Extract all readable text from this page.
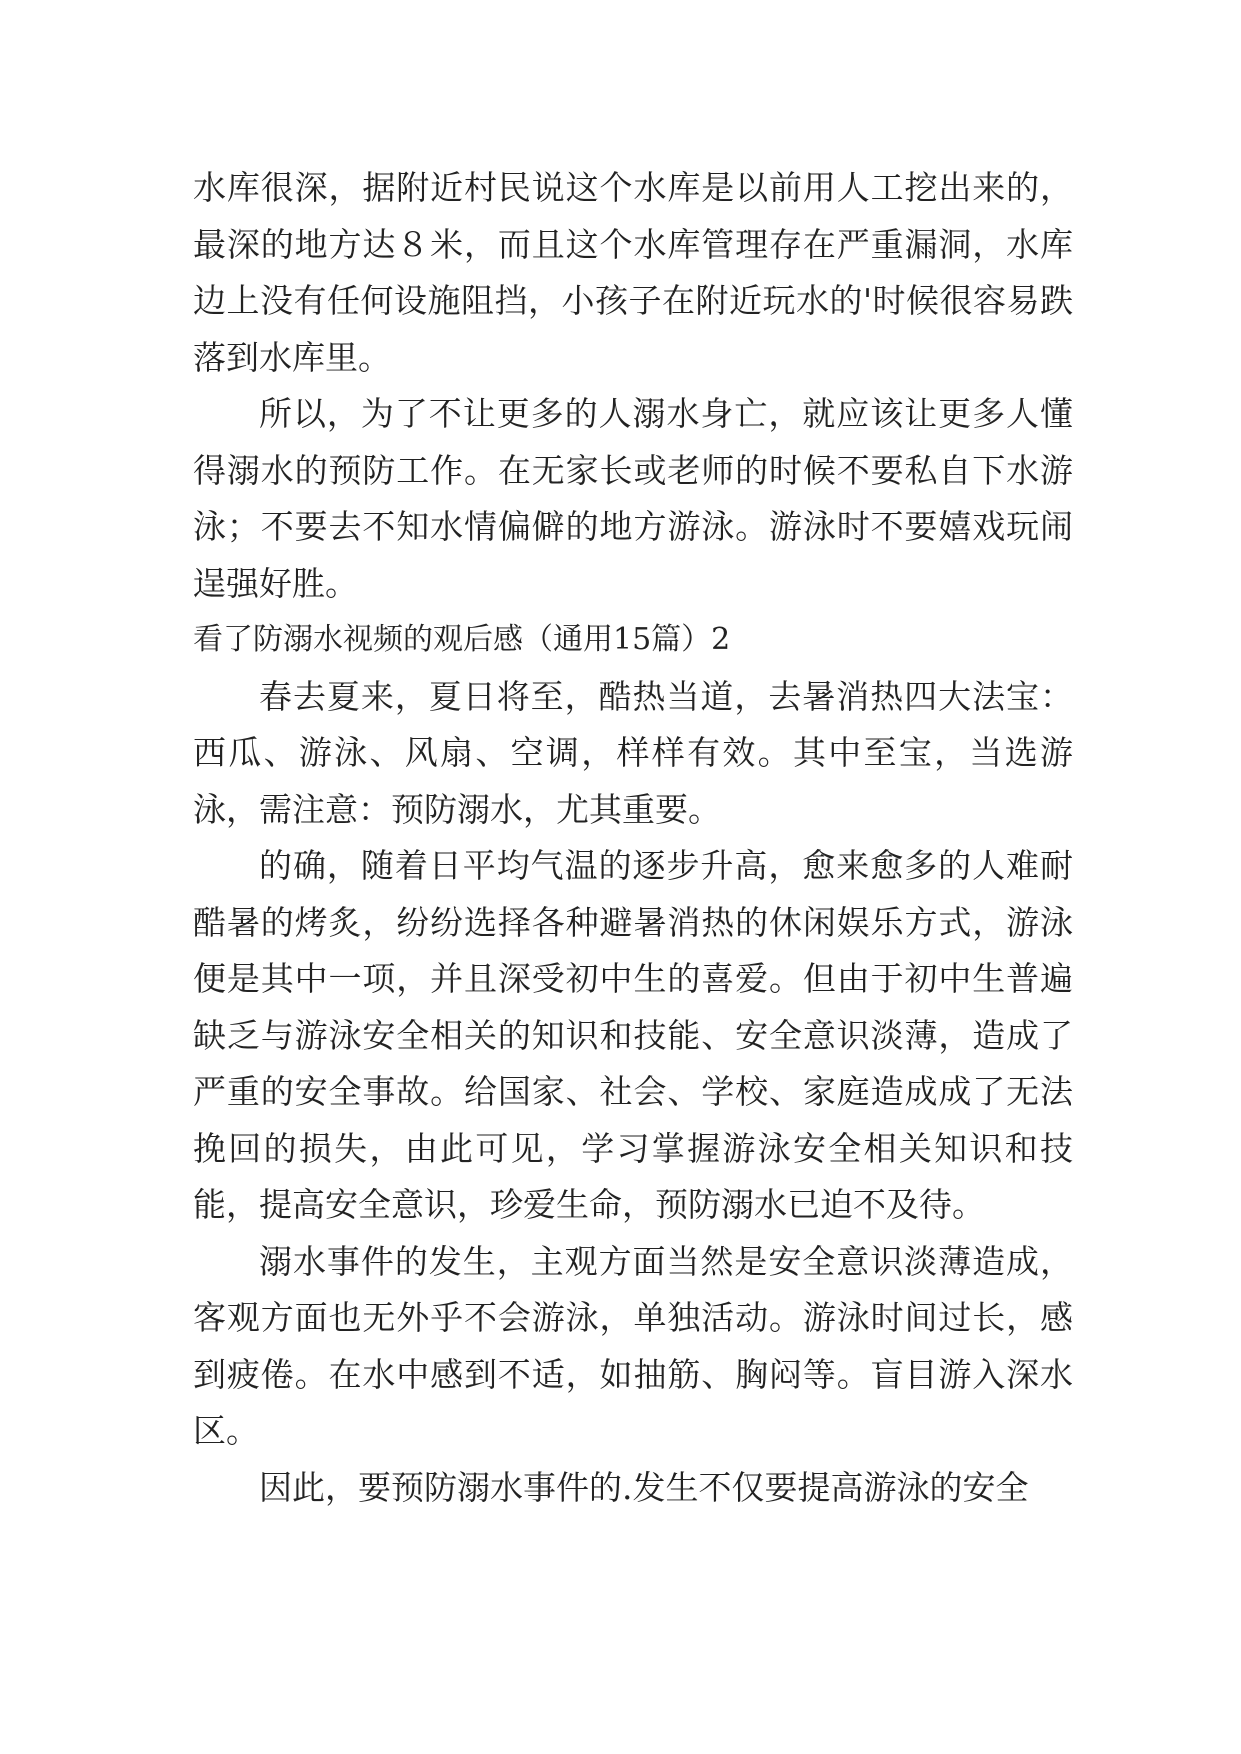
水库很深，据附近村民说这个水库是以前用人工挖出来的，最深的地方达８米，而且这个水库管理存在严重漏洞，水库边上没有任何设施阻挡，小孩子在附近玩水的'时候很容易跌落到水库里。

所以，为了不让更多的人溺水身亡，就应该让更多人懂得溺水的预防工作。在无家长或老师的时候不要私自下水游泳；不要去不知水情偏僻的地方游泳。游泳时不要嬉戏玩闹逞强好胜。

看了防溺水视频的观后感（通用15篇）2

春去夏来，夏日将至，酷热当道，去暑消热四大法宝：西瓜、游泳、风扇、空调，样样有效。其中至宝，当选游泳，需注意：预防溺水，尤其重要。

的确，随着日平均气温的逐步升高，愈来愈多的人难耐酷暑的烤炙，纷纷选择各种避暑消热的休闲娱乐方式，游泳便是其中一项，并且深受初中生的喜爱。但由于初中生普遍缺乏与游泳安全相关的知识和技能、安全意识淡薄，造成了严重的安全事故。给国家、社会、学校、家庭造成成了无法挽回的损失，由此可见，学习掌握游泳安全相关知识和技能，提高安全意识，珍爱生命，预防溺水已迫不及待。

溺水事件的发生，主观方面当然是安全意识淡薄造成，客观方面也无外乎不会游泳，单独活动。游泳时间过长，感到疲倦。在水中感到不适，如抽筋、胸闷等。盲目游入深水区。

因此，要预防溺水事件的.发生不仅要提高游泳的安全
